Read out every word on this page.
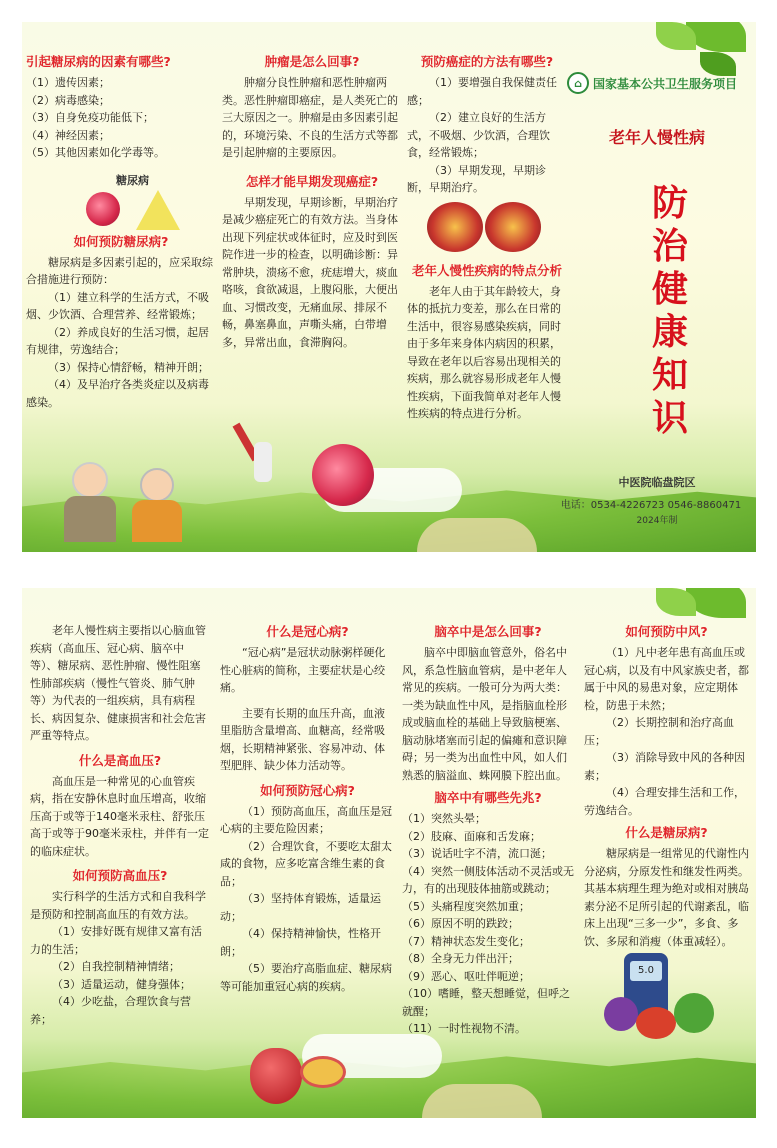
引起糖尿病的因素有哪些?
（1）遗传因素；
（2）病毒感染；
（3）自身免疫功能低下；
（4）神经因素；
（5）其他因素如化学毒等。
糖尿病
如何预防糖尿病?
糖尿病是多因素引起的，应采取综合措施进行预防：
（1）建立科学的生活方式，不吸烟、少饮酒、合理营养、经常锻炼；
（2）养成良好的生活习惯，起居有规律，劳逸结合；
（3）保持心情舒畅，精神开朗；
（4）及早治疗各类炎症以及病毒感染。
肿瘤是怎么回事?
肿瘤分良性肿瘤和恶性肿瘤两类。恶性肿瘤即癌症，是人类死亡的三大原因之一。肿瘤是由多因素引起的，环境污染、不良的生活方式等都是引起肿瘤的主要原因。
怎样才能早期发现癌症?
早期发现，早期诊断，早期治疗是减少癌症死亡的有效方法。当身体出现下列症状或体征时，应及时到医院作进一步的检查，以明确诊断：异常肿块，溃疡不愈，疣痣增大，痰血咯咳，食欲减退，上腹闷胀，大便出血、习惯改变，无痛血尿、排尿不畅，鼻塞鼻血，声嘶头痛，白带增多，异常出血，食滞胸闷。
预防癌症的方法有哪些?
（1）要增强自我保健责任感；
（2）建立良好的生活方式，不吸烟、少饮酒，合理饮食，经常锻炼；
（3）早期发现，早期诊断，早期治疗。
老年人慢性疾病的特点分析
老年人由于其年龄较大，身体的抵抗力变差，那么在日常的生活中，很容易感染疾病，同时由于多年来身体内病因的积累，导致在老年以后容易出现相关的疾病，那么就容易形成老年人慢性疾病，下面我简单对老年人慢性疾病的特点进行分析。
⌂ 国家基本公共卫生服务项目
老年人慢性病
防
治
健
康
知
识
中医院临盘院区
电话：0534-4226723 0546-8860471
2024年制
老年人慢性病主要指以心脑血管疾病（高血压、冠心病、脑卒中等）、糖尿病、恶性肿瘤、慢性阻塞性肺部疾病（慢性气管炎、肺气肿等）为代表的一组疾病，具有病程长、病因复杂、健康损害和社会危害严重等特点。
什么是高血压?
高血压是一种常见的心血管疾病，指在安静休息时血压增高，收缩压高于或等于140毫米汞柱、舒张压高于或等于90毫米汞柱，并伴有一定的临床症状。
如何预防高血压?
实行科学的生活方式和自我科学是预防和控制高血压的有效方法。
（1）安排好既有规律又富有活力的生活；
（2）自我控制精神情绪；
（3）适量运动，健身强体；
（4）少吃盐，合理饮食与营养；
什么是冠心病?
“冠心病”是冠状动脉粥样硬化性心脏病的简称，主要症状是心绞痛。
主要有长期的血压升高，血液里脂肪含量增高、血糖高，经常吸烟，长期精神紧张、容易冲动、体型肥胖、缺少体力活动等。
如何预防冠心病?
（1）预防高血压，高血压是冠心病的主要危险因素；
（2）合理饮食，不要吃太甜太咸的食物，应多吃富含维生素的食品；
（3）坚持体育锻炼，适量运动；
（4）保持精神愉快，性格开朗；
（5）要治疗高脂血症、糖尿病等可能加重冠心病的疾病。
脑卒中是怎么回事?
脑卒中即脑血管意外，俗名中风，系急性脑血管病，是中老年人常见的疾病。一般可分为两大类：一类为缺血性中风，是指脑血栓形成或脑血栓的基础上导致脑梗塞、脑动脉堵塞而引起的偏瘫和意识障碍；另一类为出血性中风，如人们熟悉的脑溢血、蛛网膜下腔出血。
脑卒中有哪些先兆?
（1）突然头晕；
（2）肢麻、面麻和舌发麻；
（3）说话吐字不清，流口涎；
（4）突然一侧肢体活动不灵活或无力，有的出现肢体抽筋或跳动；
（5）头痛程度突然加重；
（6）原因不明的跌跤；
（7）精神状态发生变化；
（8）全身无力伴出汗；
（9）恶心、呕吐伴呃逆；
（10）嗜睡，整天想睡觉，但呼之就醒；
（11）一时性视物不清。
如何预防中风?
（1）凡中老年患有高血压或冠心病，以及有中风家族史者，都属于中风的易患对象，应定期体检，防患于未然；
（2）长期控制和治疗高血压；
（3）消除导致中风的各种因素；
（4）合理安排生活和工作，劳逸结合。
什么是糖尿病?
糖尿病是一组常见的代谢性内分泌病，分原发性和继发性两类。其基本病理生理为绝对或相对胰岛素分泌不足所引起的代谢紊乱，临床上出现“三多一少”，多食、多饮、多尿和消瘦（体重减轻）。
5.0
